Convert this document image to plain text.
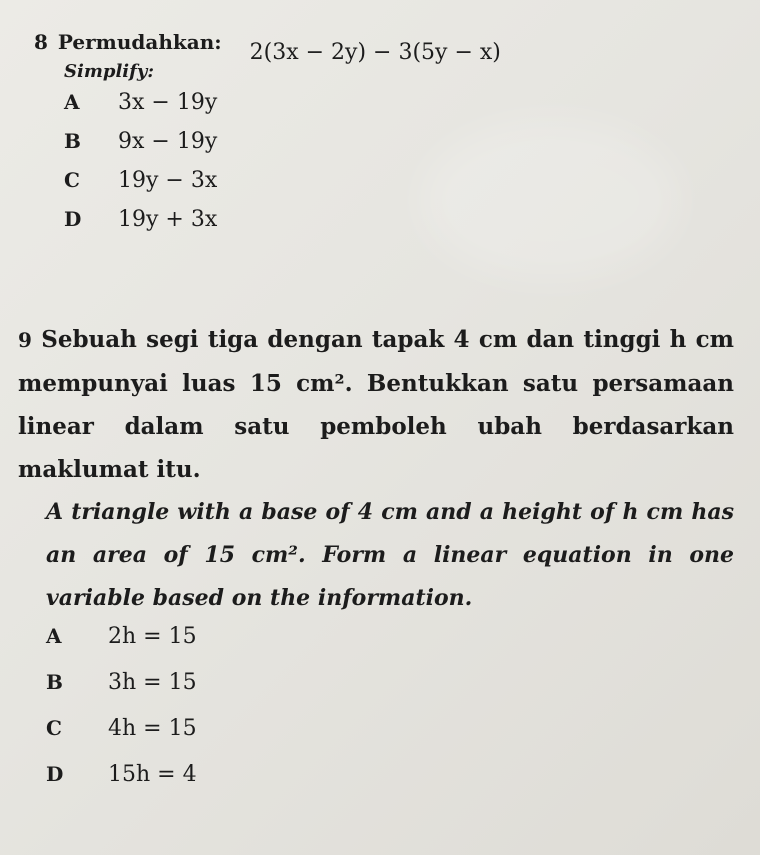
8 Permudahkan: 2(3x − 2y) − 3(5y − x)
Simplify:
A	3x − 19y
B	9x − 19y
C	19y − 3x
D	19y + 3x
9 Sebuah segi tiga dengan tapak 4 cm dan tinggi h cm mempunyai luas 15 cm². Bentukkan satu persamaan linear dalam satu pemboleh ubah berdasarkan maklumat itu.
A triangle with a base of 4 cm and a height of h cm has an area of 15 cm². Form a linear equation in one variable based on the information.
A	2h = 15
B	3h = 15
C	4h = 15
D	15h = 4
